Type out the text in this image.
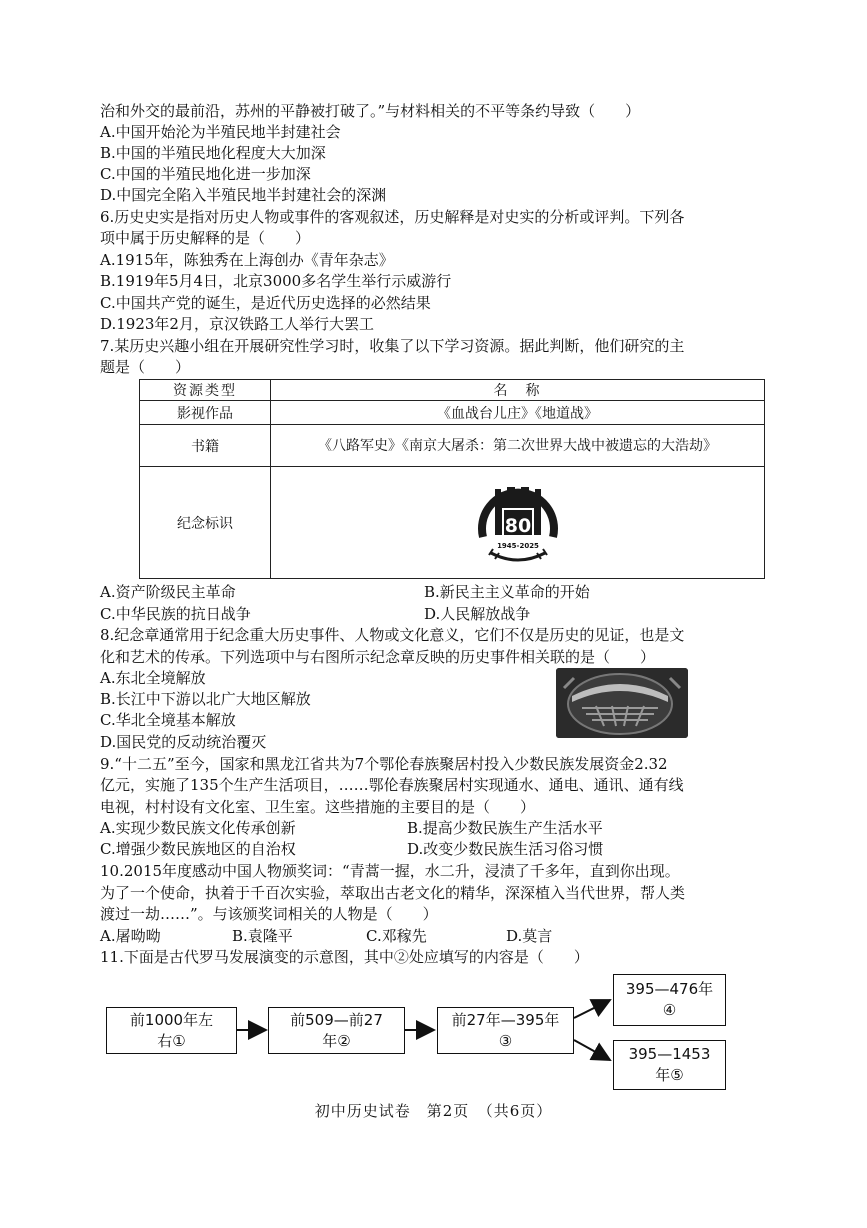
治和外交的最前沿，苏州的平静被打破了。”与材料相关的不平等条约导致（　　）
A.中国开始沦为半殖民地半封建社会
B.中国的半殖民地化程度大大加深
C.中国的半殖民地化进一步加深
D.中国完全陷入半殖民地半封建社会的深渊
6.历史史实是指对历史人物或事件的客观叙述，历史解释是对史实的分析或评判。下列各
项中属于历史解释的是（　　）
A.1915年，陈独秀在上海创办《青年杂志》
B.1919年5月4日，北京3000多名学生举行示威游行
C.中国共产党的诞生，是近代历史选择的必然结果
D.1923年2月，京汉铁路工人举行大罢工
7.某历史兴趣小组在开展研究性学习时，收集了以下学习资源。据此判断，他们研究的主
题是（　　）
资源类型	名　称
影视作品	《血战台儿庄》《地道战》
书籍	《八路军史》《南京大屠杀：第二次世界大战中被遗忘的大浩劫》
纪念标识	80
1945-2025
A.资产阶级民主革命	B.新民主主义革命的开始
C.中华民族的抗日战争	D.人民解放战争
8.纪念章通常用于纪念重大历史事件、人物或文化意义，它们不仅是历史的见证，也是文
化和艺术的传承。下列选项中与右图所示纪念章反映的历史事件相关联的是（　　）
A.东北全境解放
B.长江中下游以北广大地区解放
C.华北全境基本解放
D.国民党的反动统治覆灭
9.“十二五”至今，国家和黑龙江省共为7个鄂伦春族聚居村投入少数民族发展资金2.32
亿元，实施了135个生产生活项目，……鄂伦春族聚居村实现通水、通电、通讯、通有线
电视，村村设有文化室、卫生室。这些措施的主要目的是（　　）
A.实现少数民族文化传承创新	B.提高少数民族生产生活水平
C.增强少数民族地区的自治权	D.改变少数民族生活习俗习惯
10.2015年度感动中国人物颁奖词：“青蒿一握，水二升，浸渍了千多年，直到你出现。
为了一个使命，执着于千百次实验，萃取出古老文化的精华，深深植入当代世界，帮人类
渡过一劫……”。与该颁奖词相关的人物是（　　）
A.屠呦呦	B.袁隆平	C.邓稼先	D.莫言
11.下面是古代罗马发展演变的示意图，其中②处应填写的内容是（　　）
前1000年左
右①
前509—前27
年②
前27年—395年
③
395—476年
④
395—1453
年⑤
初中历史试卷　第2页　（共6页）
